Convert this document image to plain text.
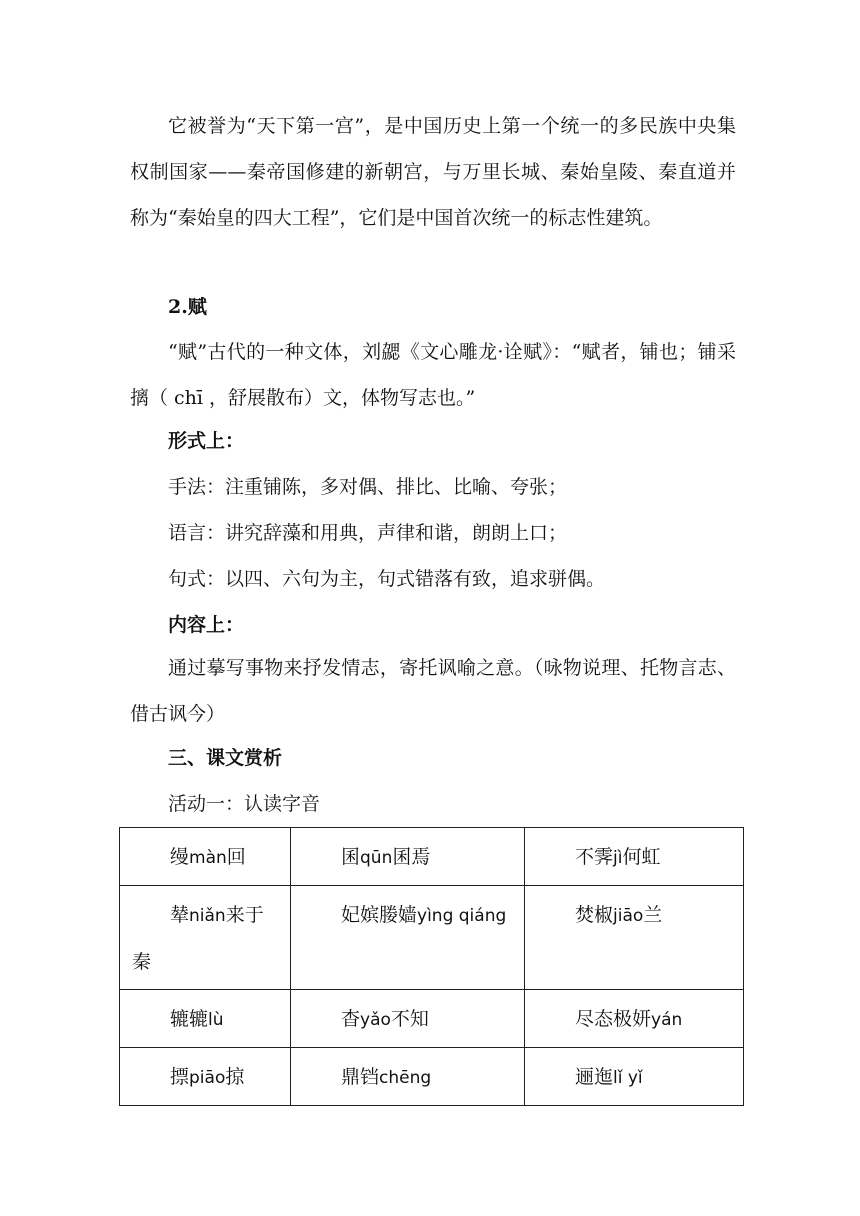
它被誉为“天下第一宫”，是中国历史上第一个统一的多民族中央集权制国家——秦帝国修建的新朝宫，与万里长城、秦始皇陵、秦直道并称为“秦始皇的四大工程”，它们是中国首次统一的标志性建筑。

2.赋

“赋”古代的一种文体，刘勰《文心雕龙·诠赋》：“赋者，铺也；铺采摛（ chī ，舒展散布）文，体物写志也。”

形式上：
手法：注重铺陈，多对偶、排比、比喻、夸张；
语言：讲究辞藻和用典，声律和谐，朗朗上口；
句式：以四、六句为主，句式错落有致，追求骈偶。
内容上：

通过摹写事物来抒发情志，寄托讽喻之意。（咏物说理、托物言志、借古讽今）

三、课文赏析
活动一：认读字音
缦màn回	囷qūn囷焉	不霁jì何虹
辇niǎn来于秦	妃嫔媵嫱yìng qiáng	焚椒jiāo兰
辘辘lù	杳yǎo不知	尽态极妍yán
摽piāo掠	鼎铛chēng	逦迤lǐ yǐ
